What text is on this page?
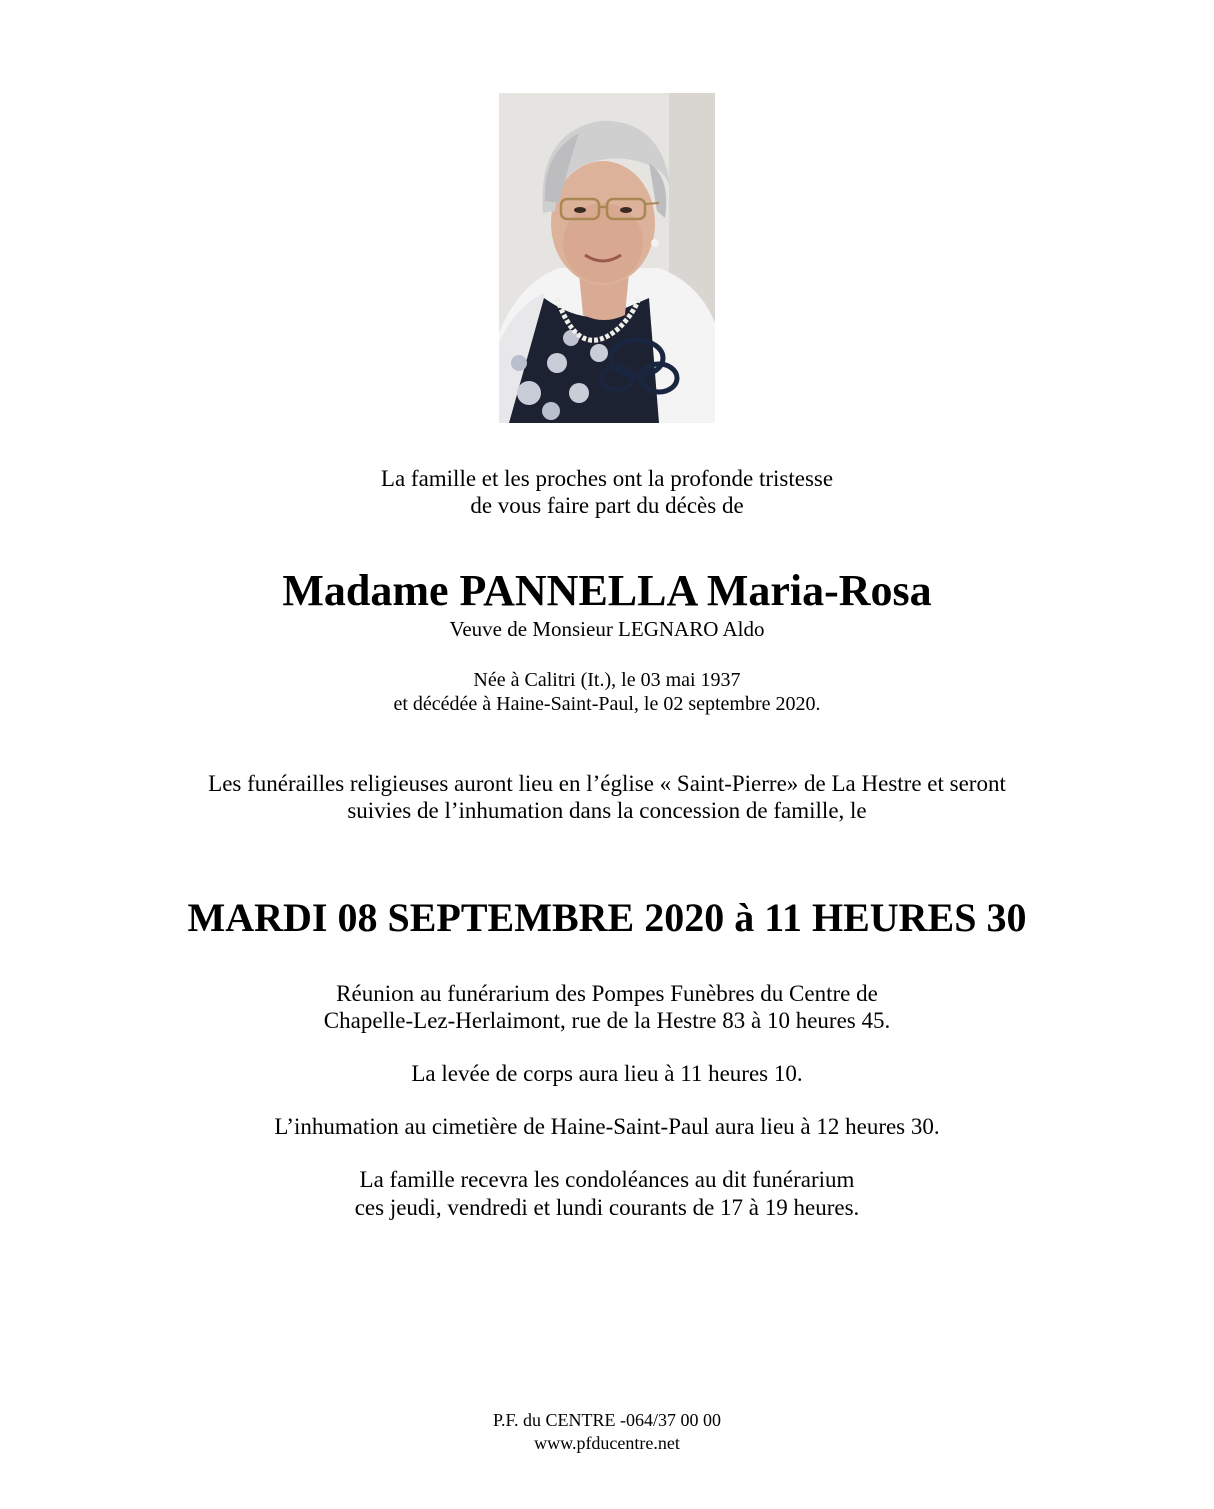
La famille et les proches ont la profonde tristesse
de vous faire part du décès de
Madame PANNELLA Maria-Rosa
Veuve de Monsieur LEGNARO Aldo
Née à Calitri (It.), le 03 mai 1937
et décédée à Haine-Saint-Paul, le 02 septembre 2020.
Les funérailles religieuses auront lieu en l’église « Saint-Pierre» de La Hestre et seront
suivies de l’inhumation dans la concession de famille, le
MARDI 08 SEPTEMBRE 2020 à 11 HEURES 30
Réunion au funérarium des Pompes Funèbres du Centre de
Chapelle-Lez-Herlaimont, rue de la Hestre 83 à 10 heures 45.
La levée de corps aura lieu à 11 heures 10.
L’inhumation au cimetière de Haine-Saint-Paul aura lieu à 12 heures 30.
La famille recevra les condoléances au dit funérarium
ces jeudi, vendredi et lundi courants de 17 à 19 heures.
P.F. du CENTRE -064/37 00 00
www.pfducentre.net
